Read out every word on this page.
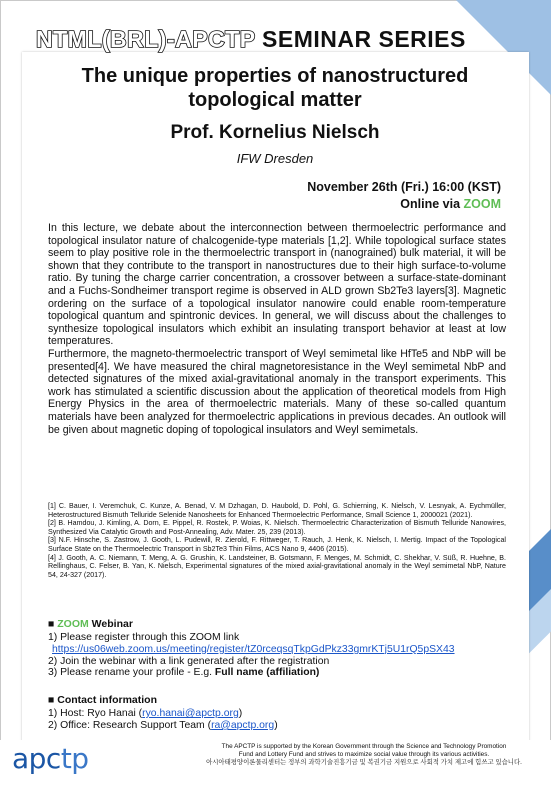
NTML(BRL)-APCTP SEMINAR SERIES
The unique properties of nanostructured
topological matter
Prof. Kornelius Nielsch
IFW Dresden
November 26th (Fri.) 16:00 (KST)
Online via ZOOM

In this lecture, we debate about the interconnection between thermoelectric performance and topological insulator nature of chalcogenide-type materials [1,2]. While topological surface states seem to play positive role in the thermoelectric transport in (nanograined) bulk material, it will be shown that they contribute to the transport in nanostructures due to their high surface-to-volume ratio. By tuning the charge carrier concentration, a crossover between a surface-state-dominant and a Fuchs-Sondheimer transport regime is observed in ALD grown Sb2Te3 layers[3]. Magnetic ordering on the surface of a topological insulator nanowire could enable room-temperature topological quantum and spintronic devices. In general, we will discuss about the challenges to synthesize topological insulators which exhibit an insulating transport behavior at least at low temperatures.

Furthermore, the magneto-thermoelectric transport of Weyl semimetal like HfTe5 and NbP will be presented[4]. We have measured the chiral magnetoresistance in the Weyl semimetal NbP and detected signatures of the mixed axial-gravitational anomaly in the transport experiments. This work has stimulated a scientific discussion about the application of theoretical models from High Energy Physics in the area of thermoelectric materials. Many of these so-called quantum materials have been analyzed for thermoelectric applications in previous decades. An outlook will be given about magnetic doping of topological insulators and Weyl semimetals.

[1] C. Bauer, I. Veremchuk, C. Kunze, A. Benad, V. M Dzhagan, D. Haubold, D. Pohl, G. Schierning, K. Nielsch, V. Lesnyak, A. Eychmüller, Heterostructured Bismuth Telluride Selenide Nanosheets for Enhanced Thermoelectric Performance, Small Science 1, 2000021 (2021).

[2] B. Hamdou, J. Kimling, A. Dorn, E. Pippel, R. Rostek, P. Woias, K. Nielsch. Thermoelectric Characterization of Bismuth Telluride Nanowires, Synthesized Via Catalytic Growth and Post-Annealing, Adv. Mater. 25, 239 (2013).

[3] N.F. Hinsche, S. Zastrow, J. Gooth, L. Pudewill, R. Zierold, F. Rittweger, T. Rauch, J. Henk, K. Nielsch, I. Mertig. Impact of the Topological Surface State on the Thermoelectric Transport in Sb2Te3 Thin Films, ACS Nano 9, 4406 (2015).

[4] J. Gooth, A. C. Niemann, T. Meng, A. G. Grushin, K. Landsteiner, B. Gotsmann, F. Menges, M. Schmidt, C. Shekhar, V. Süß, R. Huehne, B. Rellinghaus, C. Felser, B. Yan, K. Nielsch, Experimental signatures of the mixed axial-gravitational anomaly in the Weyl semimetal NbP, Nature 54, 24-327 (2017).

■ ZOOM Webinar

1) Please register through this ZOOM link

https://us06web.zoom.us/meeting/register/tZ0rceqsqTkpGdPkz33gmrKTj5U1rQ5pSX43

2) Join the webinar with a link generated after the registration

3) Please rename your profile - E.g. Full name (affiliation)

■ Contact information

1) Host: Ryo Hanai (ryo.hanai@apctp.org)

2) Office: Research Support Team (ra@apctp.org)

apctp	The APCTP is supported by the Korean Government through the Science and Technology Promotion
Fund and Lottery Fund and strives to maximize social value through its various activities.
아시아태평양이론물리센터는 정부의 과학기술진흥기금 및 복권기금 지원으로 사회적 가치 제고에 힘쓰고 있습니다.
